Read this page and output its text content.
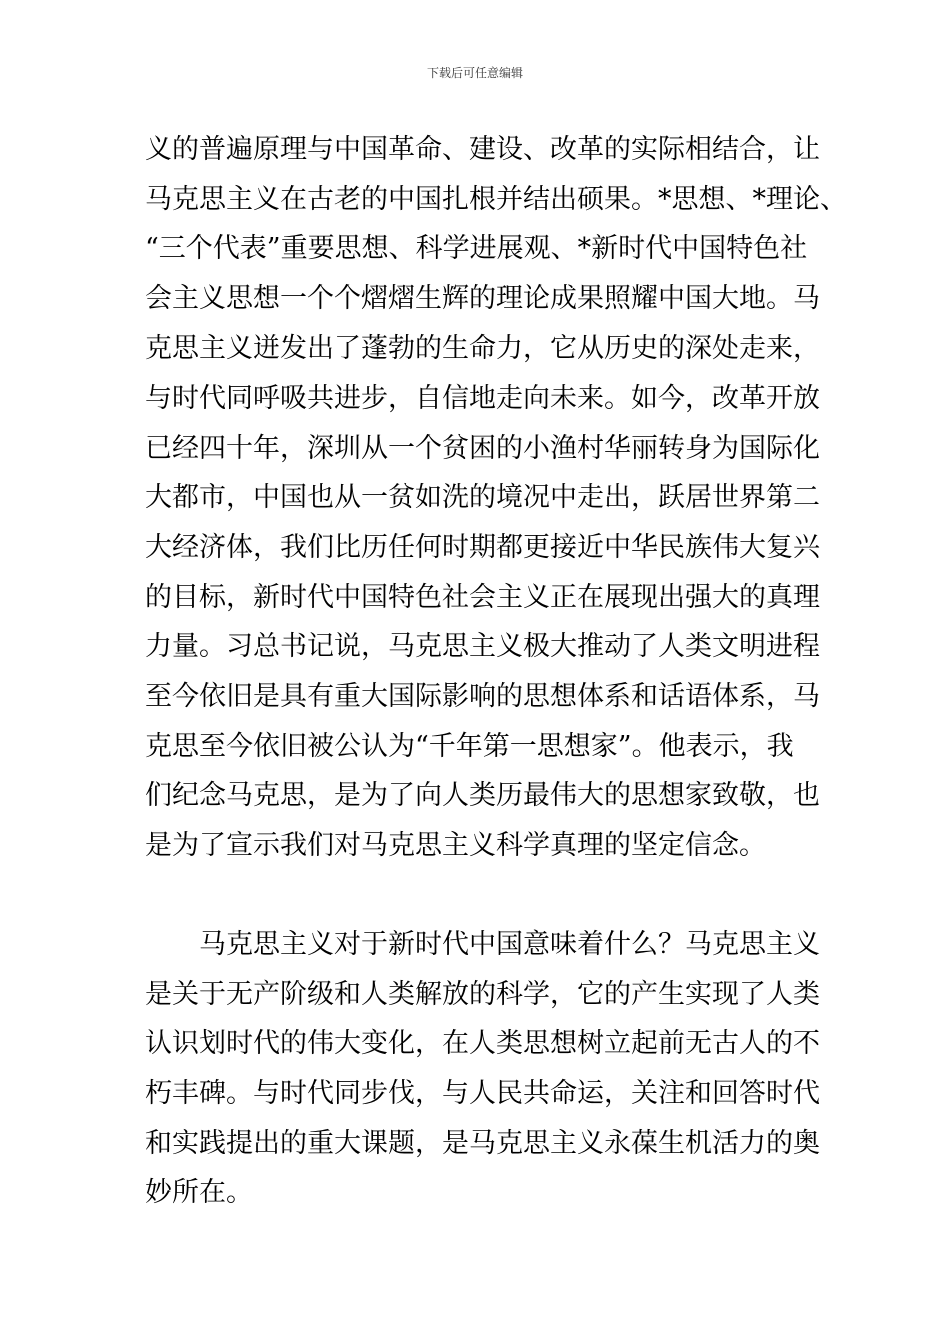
下载后可任意编辑
义的普遍原理与中国革命、建设、改革的实际相结合，让
马克思主义在古老的中国扎根并结出硕果。*思想、*理论、
“三个代表”重要思想、科学进展观、*新时代中国特色社
会主义思想一个个熠熠生辉的理论成果照耀中国大地。马
克思主义迸发出了蓬勃的生命力，它从历史的深处走来，
与时代同呼吸共进步，自信地走向未来。如今，改革开放
已经四十年，深圳从一个贫困的小渔村华丽转身为国际化
大都市，中国也从一贫如洗的境况中走出，跃居世界第二
大经济体，我们比历任何时期都更接近中华民族伟大复兴
的目标，新时代中国特色社会主义正在展现出强大的真理
力量。习总书记说，马克思主义极大推动了人类文明进程
至今依旧是具有重大国际影响的思想体系和话语体系，马
克思至今依旧被公认为“千年第一思想家”。他表示，我
们纪念马克思，是为了向人类历最伟大的思想家致敬，也
是为了宣示我们对马克思主义科学真理的坚定信念。
马克思主义对于新时代中国意味着什么？马克思主义
是关于无产阶级和人类解放的科学，它的产生实现了人类
认识划时代的伟大变化，在人类思想树立起前无古人的不
朽丰碑。与时代同步伐，与人民共命运，关注和回答时代
和实践提出的重大课题，是马克思主义永葆生机活力的奥
妙所在。
